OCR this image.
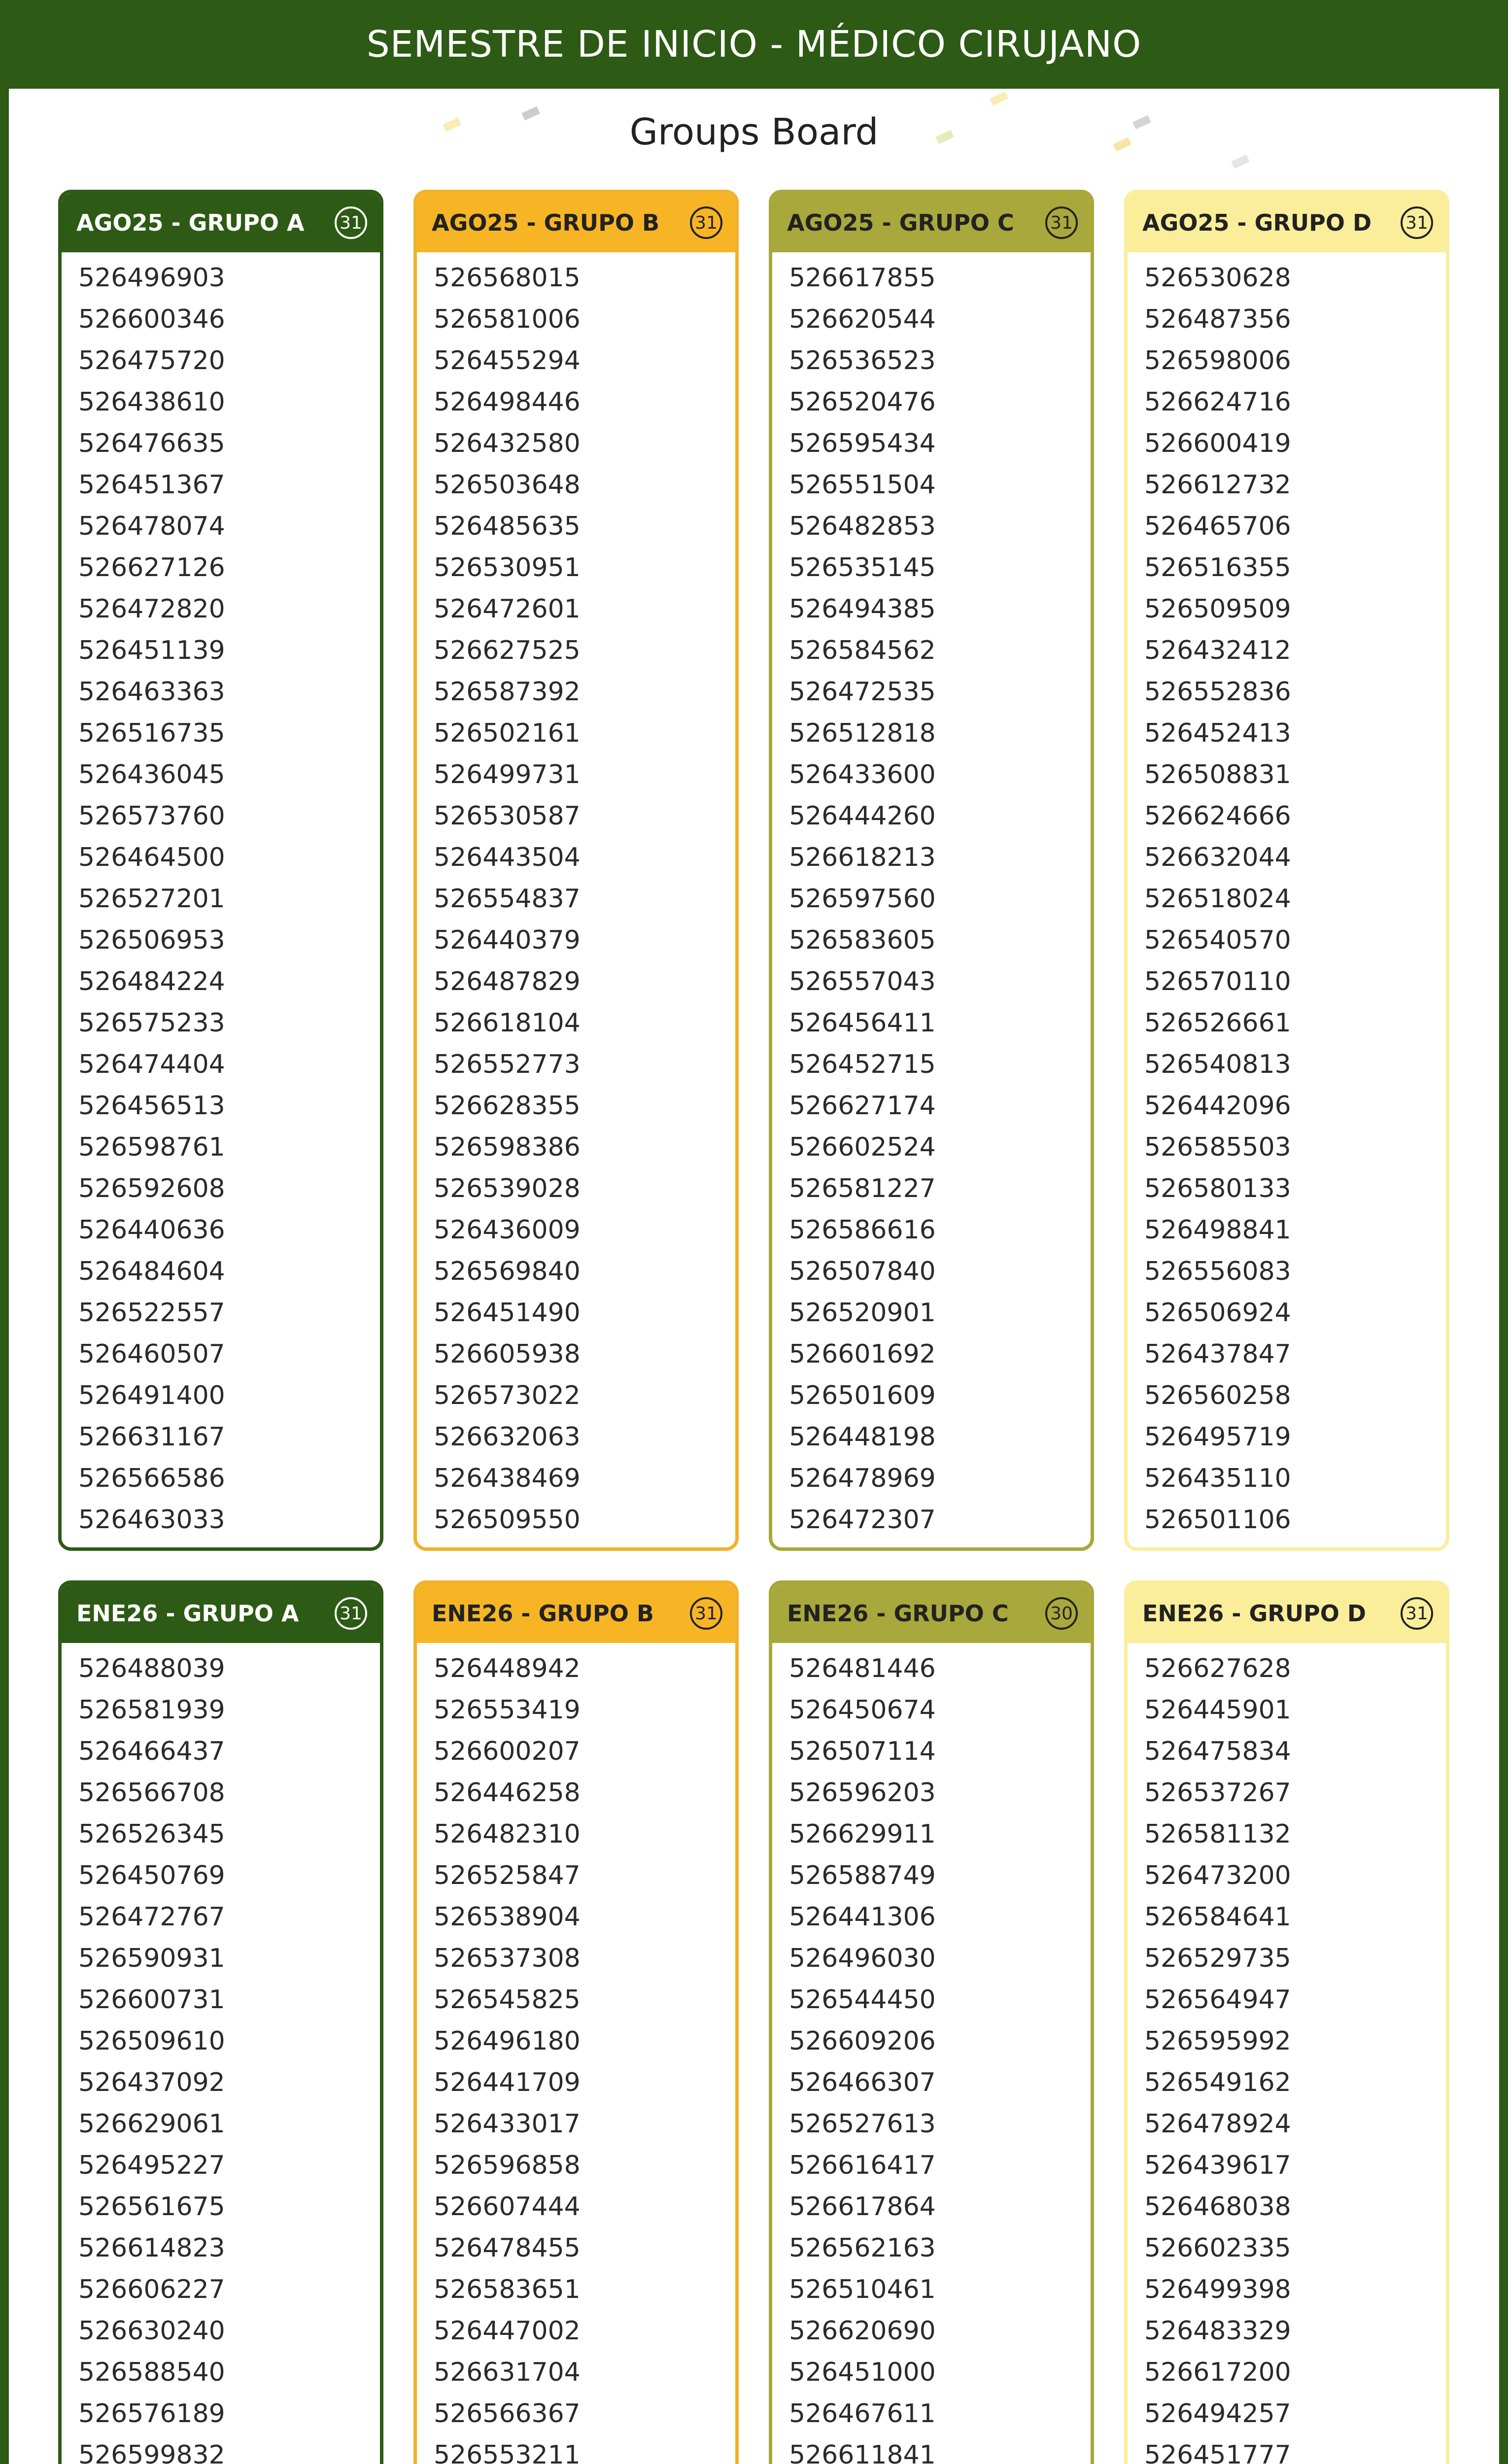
SEMESTRE DE INICIO - MÉDICO CIRUJANO
Groups Board
AGO25 - GRUPO A 31
526496903
526600346
526475720
526438610
526476635
526451367
526478074
526627126
526472820
526451139
526463363
526516735
526436045
526573760
526464500
526527201
526506953
526484224
526575233
526474404
526456513
526598761
526592608
526440636
526484604
526522557
526460507
526491400
526631167
526566586
526463033
AGO25 - GRUPO B 31
526568015
526581006
526455294
526498446
526432580
526503648
526485635
526530951
526472601
526627525
526587392
526502161
526499731
526530587
526443504
526554837
526440379
526487829
526618104
526552773
526628355
526598386
526539028
526436009
526569840
526451490
526605938
526573022
526632063
526438469
526509550
AGO25 - GRUPO C 31
526617855
526620544
526536523
526520476
526595434
526551504
526482853
526535145
526494385
526584562
526472535
526512818
526433600
526444260
526618213
526597560
526583605
526557043
526456411
526452715
526627174
526602524
526581227
526586616
526507840
526520901
526601692
526501609
526448198
526478969
526472307
AGO25 - GRUPO D 31
526530628
526487356
526598006
526624716
526600419
526612732
526465706
526516355
526509509
526432412
526552836
526452413
526508831
526624666
526632044
526518024
526540570
526570110
526526661
526540813
526442096
526585503
526580133
526498841
526556083
526506924
526437847
526560258
526495719
526435110
526501106
ENE26 - GRUPO A 31
526488039
526581939
526466437
526566708
526526345
526450769
526472767
526590931
526600731
526509610
526437092
526629061
526495227
526561675
526614823
526606227
526630240
526588540
526576189
526599832
ENE26 - GRUPO B 31
526448942
526553419
526600207
526446258
526482310
526525847
526538904
526537308
526545825
526496180
526441709
526433017
526596858
526607444
526478455
526583651
526447002
526631704
526566367
526553211
ENE26 - GRUPO C 30
526481446
526450674
526507114
526596203
526629911
526588749
526441306
526496030
526544450
526609206
526466307
526527613
526616417
526617864
526562163
526510461
526620690
526451000
526467611
526611841
ENE26 - GRUPO D 31
526627628
526445901
526475834
526537267
526581132
526473200
526584641
526529735
526564947
526595992
526549162
526478924
526439617
526468038
526602335
526499398
526483329
526617200
526494257
526451777
